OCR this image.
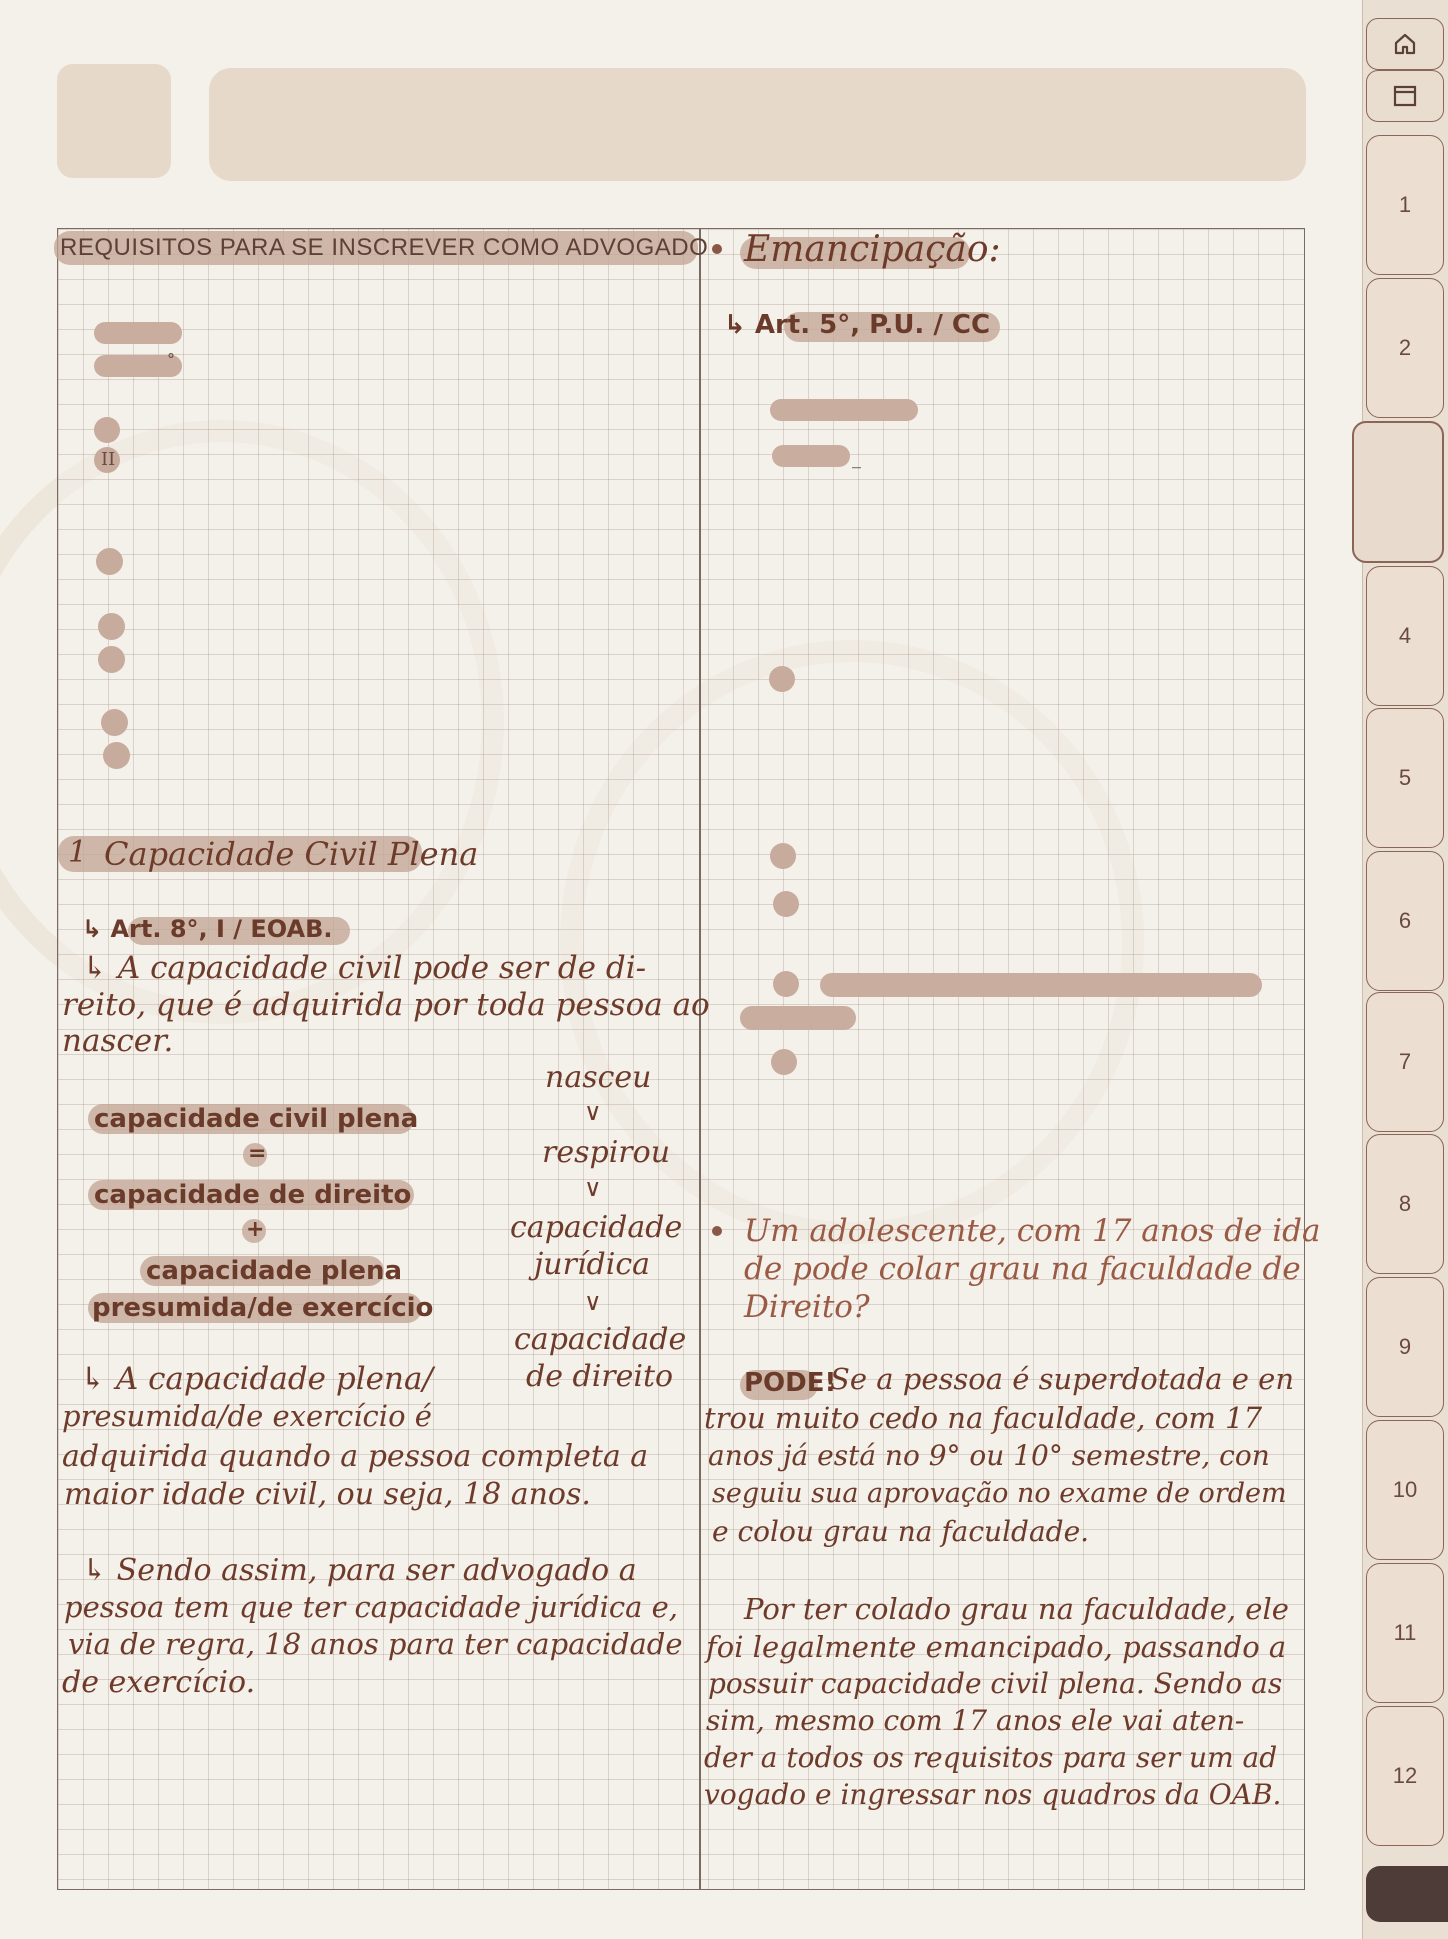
REQUISITOS PARA SE INSCREVER COMO ADVOGADO
°
II
1 Capacidade Civil Plena
↳ Art. 8°, I / EOAB.
↳ A capacidade civil pode ser de di-
reito, que é adquirida por toda pessoa ao
nascer.
capacidade civil plena
=
capacidade de direito
+
capacidade plena
presumida/de exercício
nasceu
∨
respirou
∨
capacidade
jurídica
∨
capacidade
de direito
↳ A capacidade plena/
presumida/de exercício é
adquirida quando a pessoa completa a
maior idade civil, ou seja, 18 anos.
↳ Sendo assim, para ser advogado a
pessoa tem que ter capacidade jurídica e,
via de regra, 18 anos para ter capacidade
de exercício.
Emancipação:
↳ Art. 5°, P.U. / CC
_
Um adolescente, com 17 anos de ida
de pode colar grau na faculdade de
Direito?
PODE!
Se a pessoa é superdotada e en
trou muito cedo na faculdade, com 17
anos já está no 9° ou 10° semestre, con
seguiu sua aprovação no exame de ordem
e colou grau na faculdade.
Por ter colado grau na faculdade, ele
foi legalmente emancipado, passando a
possuir capacidade civil plena. Sendo as
sim, mesmo com 17 anos ele vai aten-
der a todos os requisitos para ser um ad
vogado e ingressar nos quadros da OAB.
1
2
4
5
6
7
8
9
10
11
12
